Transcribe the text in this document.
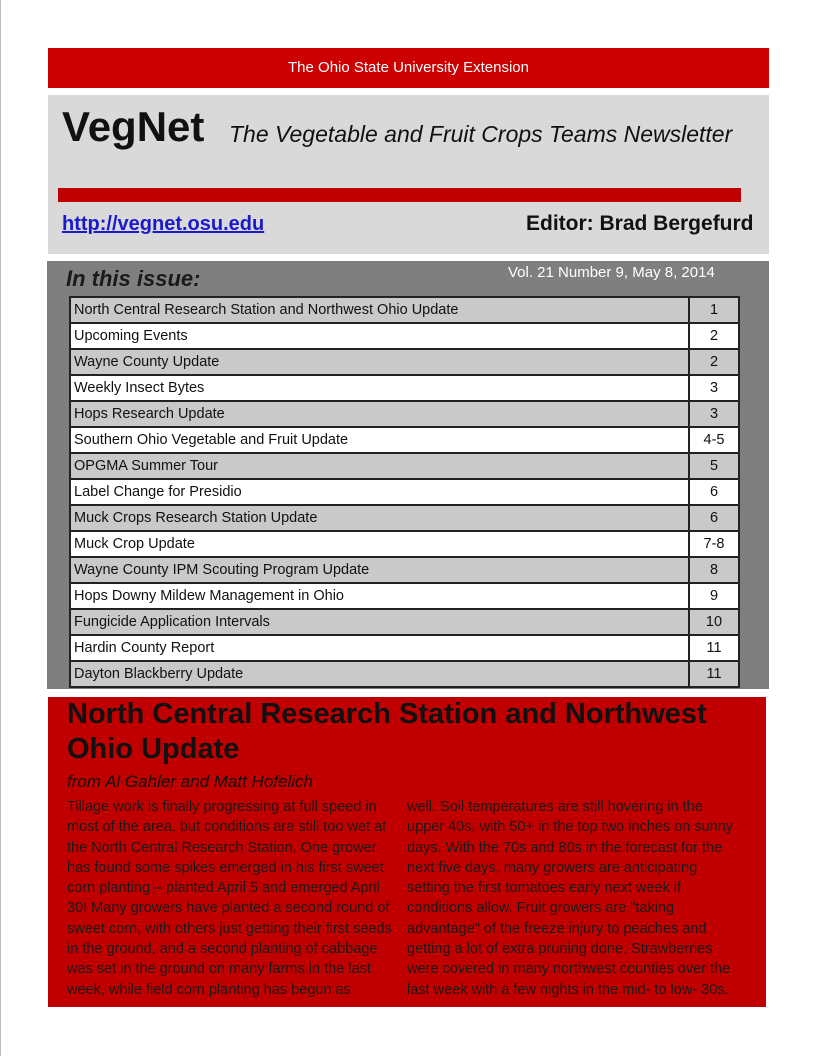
The Ohio State University Extension
VegNet The Vegetable and Fruit Crops Teams Newsletter
http://vegnet.osu.edu	Editor: Brad Bergefurd
In this issue:	Vol. 21 Number 9, May 8, 2014
North Central Research Station and Northwest Ohio Update	1
Upcoming Events	2
Wayne County Update	2
Weekly Insect Bytes	3
Hops Research Update	3
Southern Ohio Vegetable and Fruit Update	4-5
OPGMA Summer Tour	5
Label Change for Presidio	6
Muck Crops Research Station Update	6
Muck Crop Update	7-8
Wayne County IPM Scouting Program Update	8
Hops Downy Mildew Management in Ohio	9
Fungicide Application Intervals	10
Hardin County Report	11
Dayton Blackberry Update	11
North Central Research Station and Northwest Ohio Update
from Al Gahler and Matt Hofelich
Tillage work is finally progressing at full speed in most of the area, but conditions are still too wet at the North Central Research Station. One grower has found some spikes emerged in his first sweet corn planting – planted April 5 and emerged April 30! Many growers have planted a second round of sweet corn, with others just getting their first seeds in the ground, and a second planting of cabbage was set in the ground on many farms in the last week, while field corn planting has begun as
well. Soil temperatures are still hovering in the upper 40s, with 50+ in the top two inches on sunny days. With the 70s and 80s in the forecast for the next five days, many growers are anticipating setting the first tomatoes early next week if conditions allow. Fruit growers are "taking advantage" of the freeze injury to peaches and getting a lot of extra pruning done. Strawberries were covered in many northwest counties over the last week with a few nights in the mid- to low- 30s.
